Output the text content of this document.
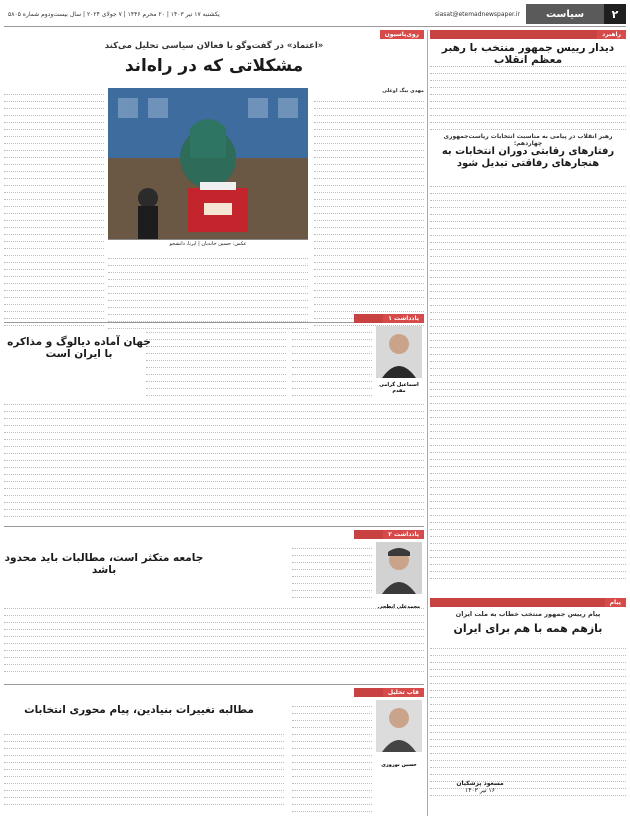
۲
سیاست
siasat@etemadnewspaper.ir
یکشنبه ۱۷ تیر ۱۴۰۳ | ۲۰ محرم ۱۴۴۶ | ۷ جولای ۲۰۲۴ | سال بیست‌و‌دوم شماره ۵۸۰۵
راهبرد
دیدار رییس جمهور منتخب با رهبر معظم انقلاب
رهبر انقلاب در پیامی به مناسبت انتخابات ریاست‌جمهوری چهاردهم:
رفتارهای رقابتی دوران انتخابات به هنجارهای رفاقتی تبدیل شود
پیام
پیام رییس جمهور منتخب خطاب به ملت ایران
بازهم همه با هم برای ایران
روی‌پاسیون
«اعتماد» در گفت‌وگو با فعالان سیاسی تحلیل می‌کند
مشکلاتی که در راه‌اند
مهدی بیگ اوغلی
عکس: حسین خانه‌بان | ایرنا، دانشجو
یادداشت ۱
اسماعیل گرامی مقدم
جهان آماده دیالوگ و مذاکره با ایران است
یادداشت ۲
محمدعلی ابطحی
جامعه متکثر است، مطالبات باید محدود باشد
قاب تحلیل
حسین نوروزی
مطالبه تغییرات بنیادین، پیام محوری انتخابات
مسعود پزشکیان
۱۶ تیر ۱۴۰۳
